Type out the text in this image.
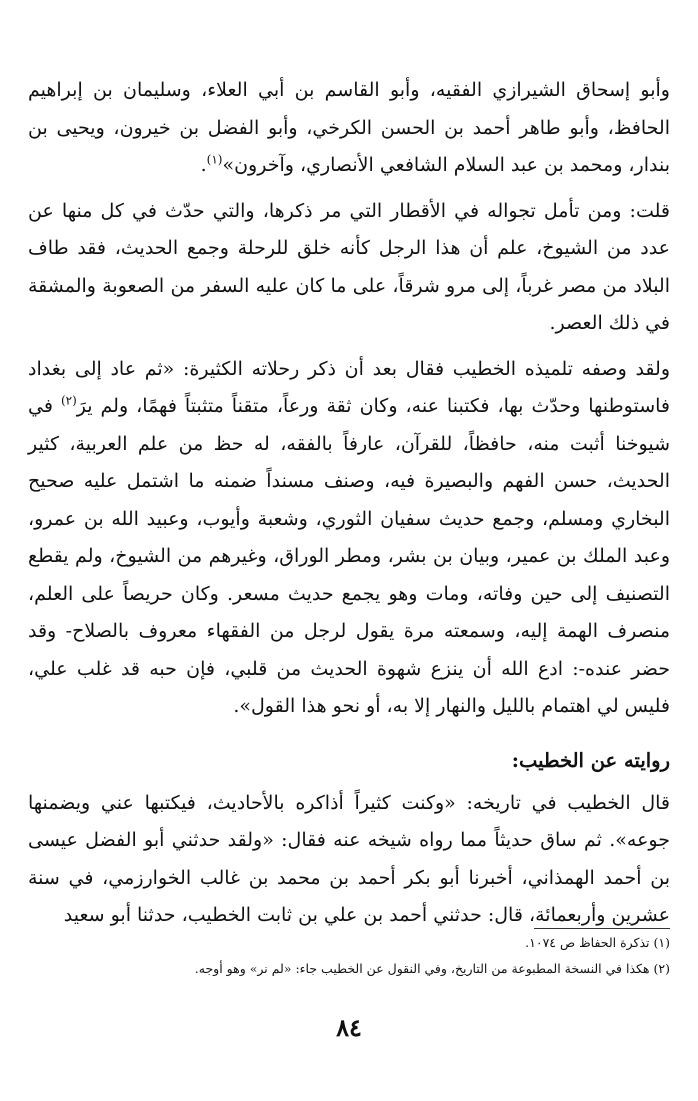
وأبو إسحاق الشيرازي الفقيه، وأبو القاسم بن أبي العلاء، وسليمان بن إبراهيم الحافظ، وأبو طاهر أحمد بن الحسن الكرخي، وأبو الفضل بن خيرون، ويحيى بن بندار، ومحمد بن عبد السلام الشافعي الأنصاري، وآخرون»$^{(١)}$.

قلت: ومن تأمل تجواله في الأقطار التي مر ذكرها، والتي حدّث في كل منها عن عدد من الشيوخ، علم أن هذا الرجل كأنه خلق للرحلة وجمع الحديث، فقد طاف البلاد من مصر غرباً، إلى مرو شرقاً، على ما كان عليه السفر من الصعوبة والمشقة في ذلك العصر.

ولقد وصفه تلميذه الخطيب فقال بعد أن ذكر رحلاته الكثيرة: «ثم عاد إلى بغداد فاستوطنها وحدّث بها، فكتبنا عنه، وكان ثقة ورعاً، متقناً متثبتاً فهمًا، ولم يرَ$^{(٢)}$ في شيوخنا أثبت منه، حافظاً، للقرآن، عارفاً بالفقه، له حظ من علم العربية، كثير الحديث، حسن الفهم والبصيرة فيه، وصنف مسنداً ضمنه ما اشتمل عليه صحيح البخاري ومسلم، وجمع حديث سفيان الثوري، وشعبة وأيوب، وعبيد الله بن عمرو، وعبد الملك بن عمير، وبيان بن بشر، ومطر الوراق، وغيرهم من الشيوخ، ولم يقطع التصنيف إلى حين وفاته، ومات وهو يجمع حديث مسعر. وكان حريصاً على العلم، منصرف الهمة إليه، وسمعته مرة يقول لرجل من الفقهاء معروف بالصلاح- وقد حضر عنده-: ادع الله أن ينزع شهوة الحديث من قلبي، فإن حبه قد غلب علي، فليس لي اهتمام بالليل والنهار إلا به، أو نحو هذا القول».

روايته عن الخطيب:

قال الخطيب في تاريخه: «وكنت كثيراً أذاكره بالأحاديث، فيكتبها عني ويضمنها جوعه». ثم ساق حديثاً مما رواه شيخه عنه فقال: «ولقد حدثني أبو الفضل عيسى بن أحمد الهمذاني، أخبرنا أبو بكر أحمد بن محمد بن غالب الخوارزمي، في سنة عشرين وأربعمائة، قال: حدثني أحمد بن علي بن ثابت الخطيب، حدثنا أبو سعيد

(١) تذكرة الحفاظ ص ١٠٧٤.

(٢) هكذا في النسخة المطبوعة من التاريخ، وفي النقول عن الخطيب جاء: «لم نر» وهو أوجه.

٨٤
